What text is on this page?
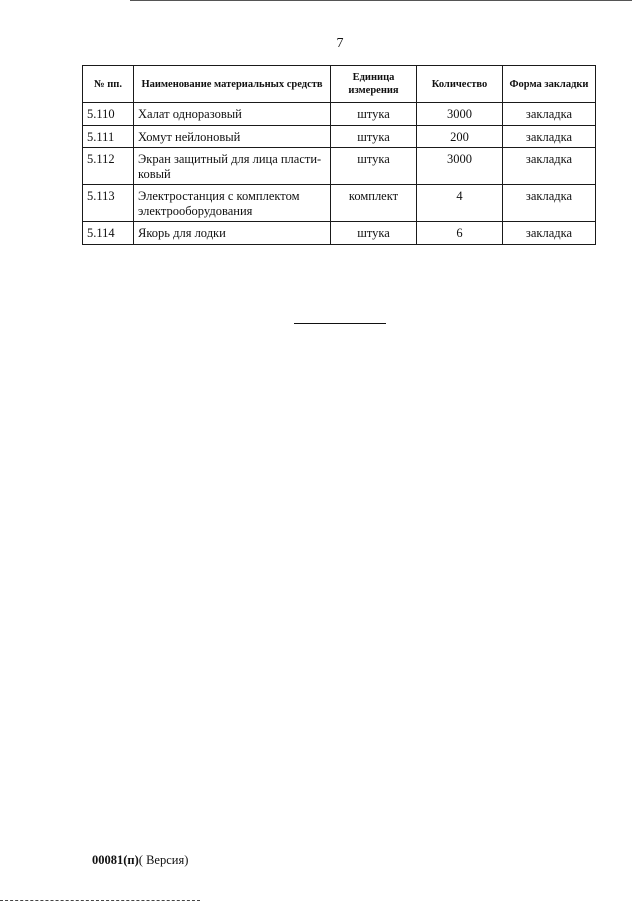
7
№ пп.	Наименование материальных средств	Единица измерения	Количество	Форма закладки
5.110	Халат одноразовый	штука	3000	закладка
5.111	Хомут нейлоновый	штука	200	закладка
5.112	Экран защитный для лица пласти-ковый	штука	3000	закладка
5.113	Электростанция с комплектом электрооборудования	комплект	4	закладка
5.114	Якорь для лодки	штука	6	закладка
00081(п)( Версия)
